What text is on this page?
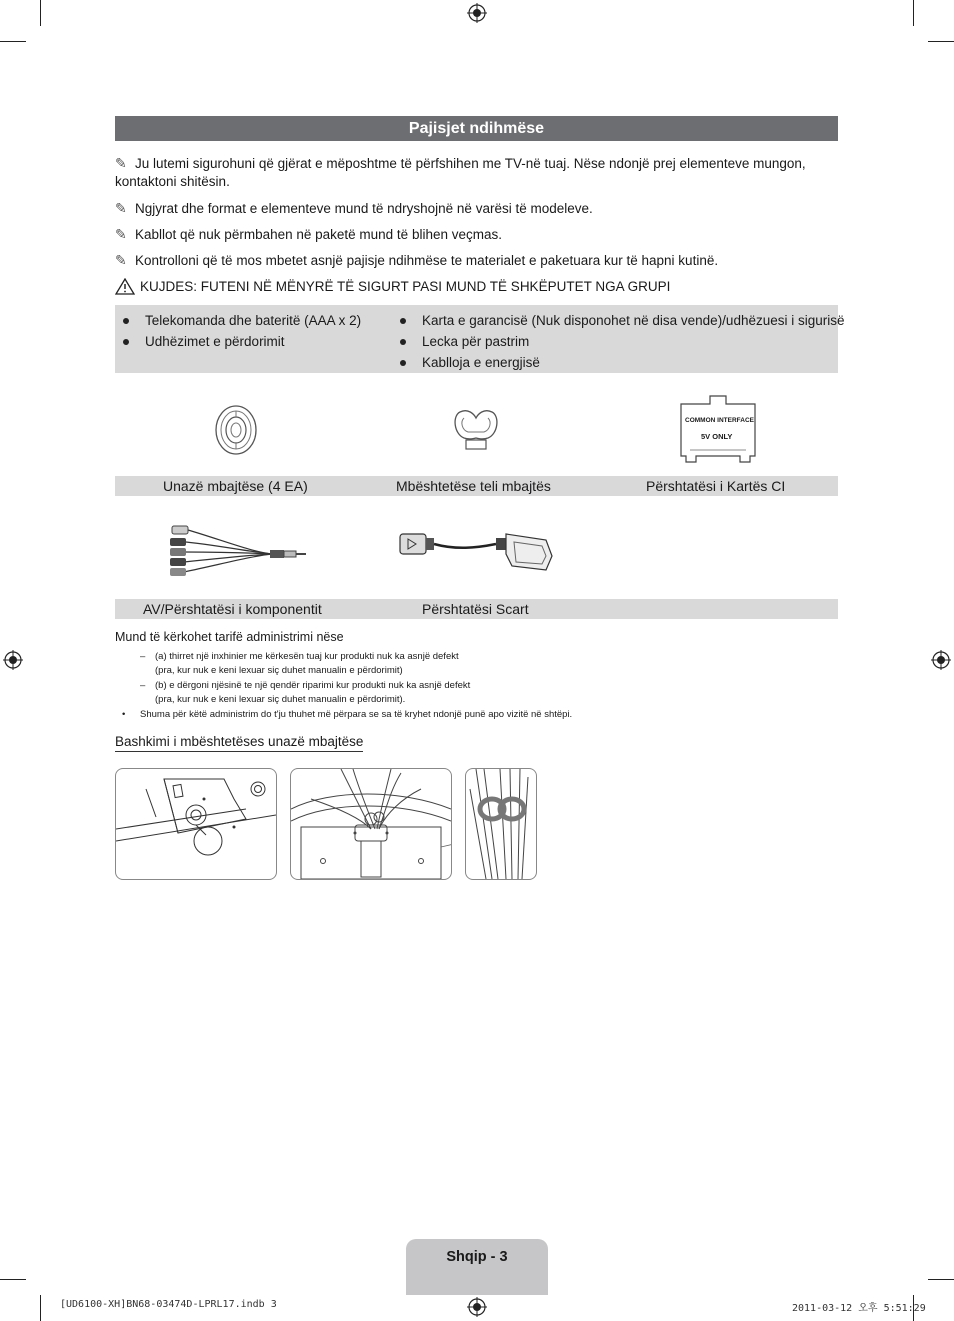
Pajisjet ndihmëse
✎ Ju lutemi sigurohuni që gjërat e mëposhtme të përfshihen me TV-në tuaj. Nëse ndonjë prej elementeve mungon, kontaktoni shitësin.
✎ Ngjyrat dhe format e elementeve mund të ndryshojnë në varësi të modeleve.
✎ Kabllot që nuk përmbahen në paketë mund të blihen veçmas.
✎ Kontrolloni që të mos mbetet asnjë pajisje ndihmëse te materialet e paketuara kur të hapni kutinë.
KUJDES: FUTENI NË MËNYRË TË SIGURT PASI MUND TË SHKËPUTET NGA GRUPI
Telekomanda dhe bateritë (AAA x 2)
Udhëzimet e përdorimit
Karta e garancisë (Nuk disponohet në disa vende)/udhëzuesi i sigurisë
Lecka për pastrim
Kablloja e energjisë
COMMON INTERFACE
5V ONLY
Unazë mbajtëse (4 EA)	Mbështetëse teli mbajtës	Përshtatësi i Kartës CI
AV/Përshtatësi i komponentit	Përshtatësi Scart
Mund të kërkohet tarifë administrimi nëse
– (a) thirret një inxhinier me kërkesën tuaj kur produkti nuk ka asnjë defekt
(pra, kur nuk e keni lexuar siç duhet manualin e përdorimit)
– (b) e dërgoni njësinë te një qendër riparimi kur produkti nuk ka asnjë defekt
(pra, kur nuk e keni lexuar siç duhet manualin e përdorimit).
• Shuma për këtë administrim do t'ju thuhet më përpara se sa të kryhet ndonjë punë apo vizitë në shtëpi.
Bashkimi i mbështetëses unazë mbajtëse
Shqip - 3
[UD6100-XH]BN68-03474D-LPRL17.indb 3	2011-03-12 오후 5:51:29
